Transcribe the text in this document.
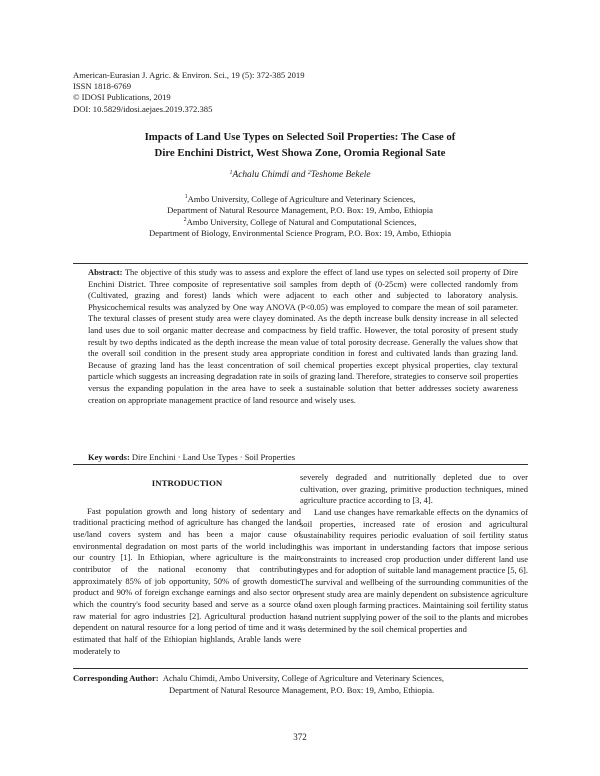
American-Eurasian J. Agric. & Environ. Sci., 19 (5): 372-385 2019
ISSN 1818-6769
© IDOSI Publications, 2019
DOI: 10.5829/idosi.aejaes.2019.372.385
Impacts of Land Use Types on Selected Soil Properties: The Case of
Dire Enchini District, West Showa Zone, Oromia Regional Sate
$^1$Achalu Chimdi and $^2$Teshome Bekele
$^1$Ambo University, College of Agriculture and Veterinary Sciences,
Department of Natural Resource Management, P.O. Box: 19, Ambo, Ethiopia
$^2$Ambo University, College of Natural and Computational Sciences,
Department of Biology, Environmental Science Program, P.O. Box: 19, Ambo, Ethiopia
Abstract: The objective of this study was to assess and explore the effect of land use types on selected soil property of Dire Enchini District. Three composite of representative soil samples from depth of (0-25cm) were collected randomly from (Cultivated, grazing and forest) lands which were adjacent to each other and subjected to laboratory analysis. Physicochemical results was analyzed by One way ANOVA (P<0.05) was employed to compare the mean of soil parameter. The textural classes of present study area were clayey dominated. As the depth increase bulk density increase in all selected land uses due to soil organic matter decrease and compactness by field traffic. However, the total porosity of present study result by two depths indicated as the depth increase the mean value of total porosity decrease. Generally the values show that the overall soil condition in the present study area appropriate condition in forest and cultivated lands than grazing land. Because of grazing land has the least concentration of soil chemical properties except physical properties, clay textural particle which suggests an increasing degradation rate in soils of grazing land. Therefore, strategies to conserve soil properties versus the expanding population in the area have to seek a sustainable solution that better addresses society awareness creation on appropriate management practice of land resource and wisely uses.
Key words: Dire Enchini · Land Use Types · Soil Properties
INTRODUCTION

Fast population growth and long history of sedentary and traditional practicing method of agriculture has changed the land use/land covers system and has been a major cause of environmental degradation on most parts of the world including our country [1]. In Ethiopian, where agriculture is the main contributor of the national economy that contributing approximately 85% of job opportunity, 50% of growth domestic product and 90% of foreign exchange earnings and also sector on which the country's food security based and serve as a source of raw material for agro industries [2]. Agricultural production has dependent on natural resource for a long period of time and it was estimated that half of the Ethiopian highlands, Arable lands were moderately to

severely degraded and nutritionally depleted due to over cultivation, over grazing, primitive production techniques, mined agriculture practice according to [3, 4].

Land use changes have remarkable effects on the dynamics of soil properties, increased rate of erosion and agricultural sustainability requires periodic evaluation of soil fertility status this was important in understanding factors that impose serious constraints to increased crop production under different land use types and for adoption of suitable land management practice [5, 6]. The survival and wellbeing of the surrounding communities of the present study area are mainly dependent on subsistence agriculture and oxen plough farming practices. Maintaining soil fertility status and nutrient supplying power of the soil to the plants and microbes is determined by the soil chemical properties and

Corresponding Author: Achalu Chimdi, Ambo University, College of Agriculture and Veterinary Sciences,
Department of Natural Resource Management, P.O. Box: 19, Ambo, Ethiopia.
372
